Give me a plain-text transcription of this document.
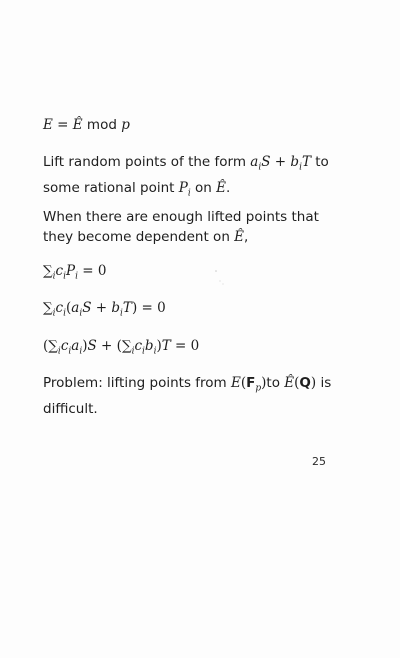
E = Ê mod p
Lift random points of the form $a_iS + b_iT$ to some rational point $P_i$ on Ê.
When there are enough lifted points that they become dependent on Ê,
$\sum_ic_iP_i = 0$
$\sum_ic_i(a_iS + b_iT) = 0$
$(\sum_ic_ia_i)S + (\sum_ic_ib_i)T = 0$
Problem: lifting points from $E(F_p)to$ Ê(Q) is difficult.
25
